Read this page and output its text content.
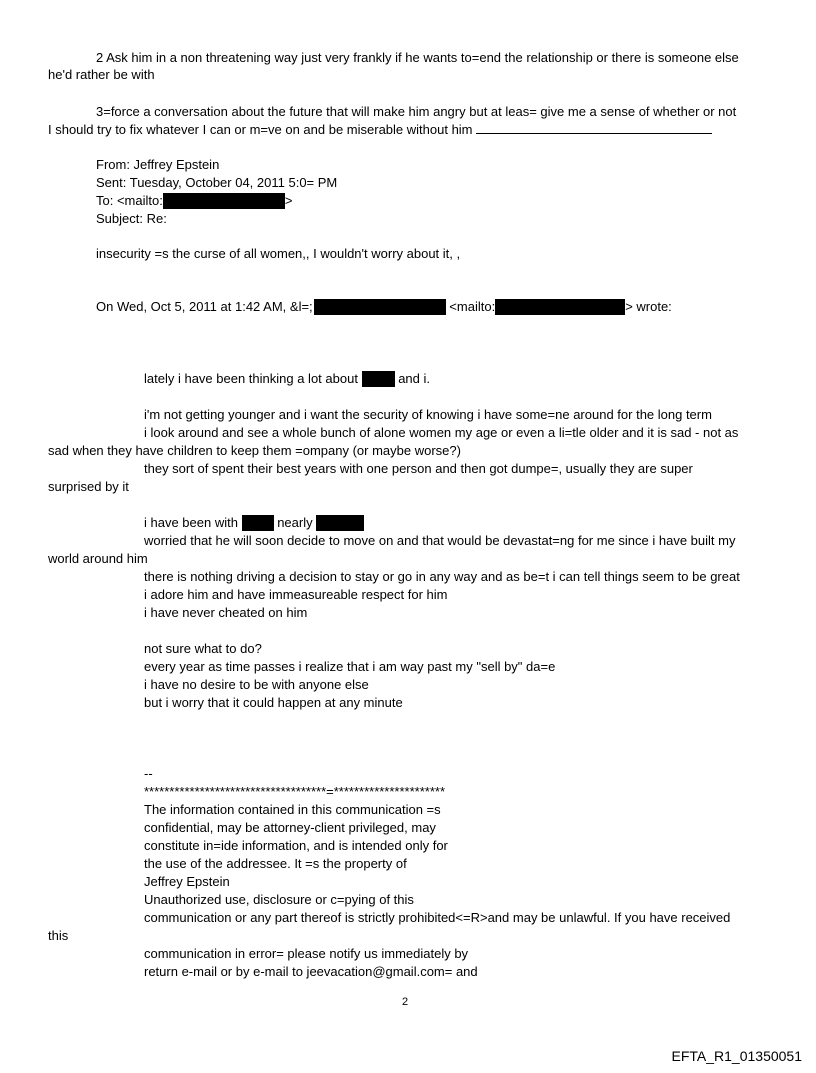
2 Ask him in a non threatening way just very frankly if he wants to=end the relationship or there is someone else
he'd rather be with
3=force a conversation about the future that will make him angry but at leas= give me a sense of whether or not
I should try to fix whatever I can or m=ve on and be miserable without him
From: Jeffrey Epstein
Sent: Tuesday, October 04, 2011 5:0= PM
To: <mailto:	>
Subject: Re:
insecurity =s the curse of all women,, I wouldn't worry about it, ,
On Wed, Oct 5, 2011 at 1:42 AM, &l=;	<mailto:	> wrote:
lately i have been thinking a lot about	and i.
i'm not getting younger and i want the security of knowing i have some=ne around for the long term
i look around and see a whole bunch of alone women my age or even a li=tle older and it is sad - not as
sad when they have children to keep them =ompany (or maybe worse?)
they sort of spent their best years with one person and then got dumpe=, usually they are super
surprised by it
i have been with	nearly
worried that he will soon decide to move on and that would be devastat=ng for me since i have built my
world around him
there is nothing driving a decision to stay or go in any way and as be=t i can tell things seem to be great
i adore him and have immeasureable respect for him
i have never cheated on him
not sure what to do?
every year as time passes i realize that i am way past my "sell by" da=e
i have no desire to be with anyone else
but i worry that it could happen at any minute
--
************************************=**********************
The information contained in this communication =s
confidential, may be attorney-client privileged, may
constitute in=ide information, and is intended only for
the use of the addressee. It =s the property of
Jeffrey Epstein
Unauthorized use, disclosure or c=pying of this
communication or any part thereof is strictly prohibited<=R>and may be unlawful. If you have received
this
communication in error= please notify us immediately by
return e-mail or by e-mail to jeevacation@gmail.com= and
2
EFTA_R1_01350051
